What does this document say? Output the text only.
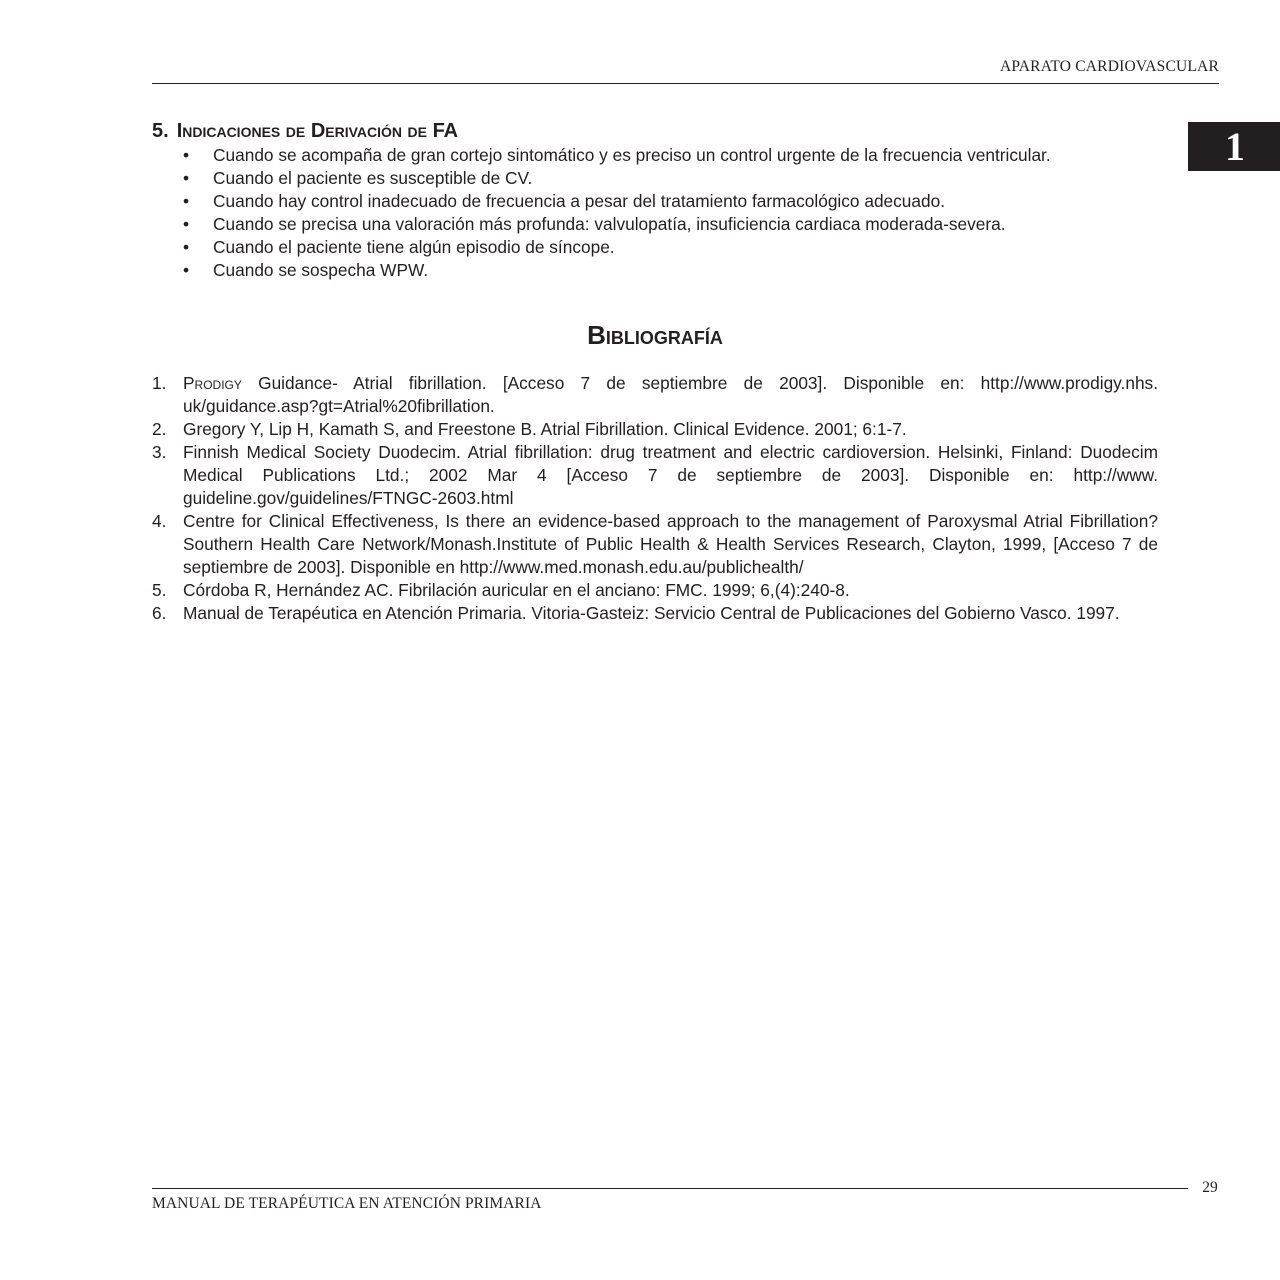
APARATO CARDIOVASCULAR
1
5. Indicaciones de Derivación de FA
• Cuando se acompaña de gran cortejo sintomático y es preciso un control urgente de la frecuencia ventricular.
• Cuando el paciente es susceptible de CV.
• Cuando hay control inadecuado de frecuencia a pesar del tratamiento farmacológico adecuado.
• Cuando se precisa una valoración más profunda: valvulopatía, insuficiencia cardiaca moderada-severa.
• Cuando el paciente tiene algún episodio de síncope.
• Cuando se sospecha WPW.
Bibliografía
1. Prodigy Guidance- Atrial fibrillation. [Acceso 7 de septiembre de 2003]. Disponible en: http://www.prodigy.nhs. uk/guidance.asp?gt=Atrial%20fibrillation.
2. Gregory Y, Lip H, Kamath S, and Freestone B. Atrial Fibrillation. Clinical Evidence. 2001; 6:1-7.
3. Finnish Medical Society Duodecim. Atrial fibrillation: drug treatment and electric cardioversion. Helsinki, Finland: Duodecim Medical Publications Ltd.; 2002 Mar 4 [Acceso 7 de septiembre de 2003]. Disponible en: http://www. guideline.gov/guidelines/FTNGC-2603.html
4. Centre for Clinical Effectiveness, Is there an evidence-based approach to the management of Paroxysmal Atrial Fibrillation? Southern Health Care Network/Monash.Institute of Public Health & Health Services Research, Clayton, 1999, [Acceso 7 de septiembre de 2003]. Disponible en http://www.med.monash.edu.au/publichealth/
5. Córdoba R, Hernández AC. Fibrilación auricular en el anciano: FMC. 1999; 6,(4):240-8.
6. Manual de Terapéutica en Atención Primaria. Vitoria-Gasteiz: Servicio Central de Publicaciones del Gobierno Vasco. 1997.
29
MANUAL DE TERAPÉUTICA EN ATENCIÓN PRIMARIA
